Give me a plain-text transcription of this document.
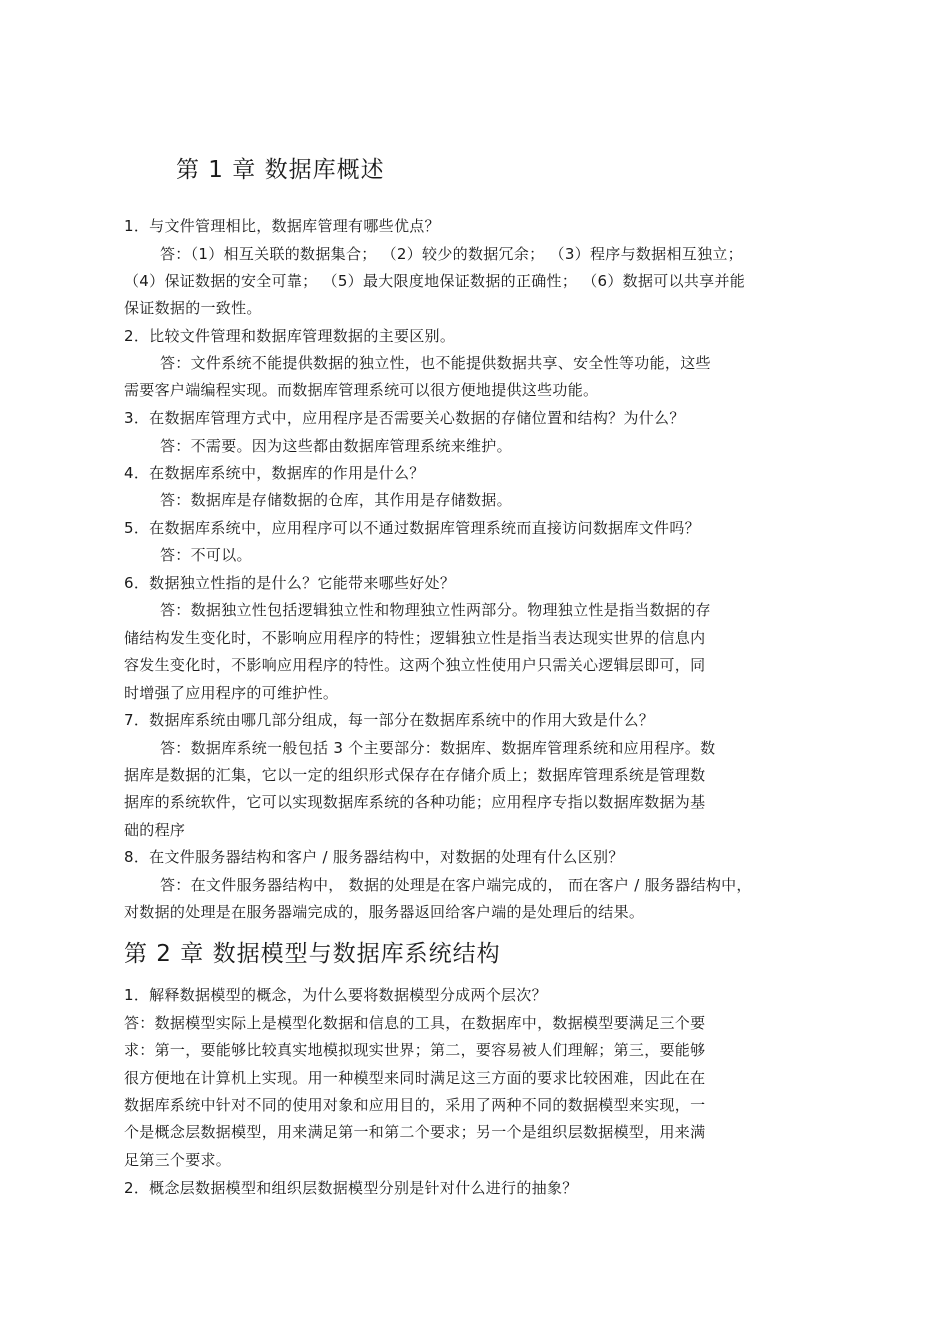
第 1 章 数据库概述
1．与文件管理相比，数据库管理有哪些优点？
答：（1）相互关联的数据集合； （2）较少的数据冗余； （3）程序与数据相互独立；
（4）保证数据的安全可靠； （5）最大限度地保证数据的正确性； （6）数据可以共享并能
保证数据的一致性。
2．比较文件管理和数据库管理数据的主要区别。
答：文件系统不能提供数据的独立性，也不能提供数据共享、安全性等功能，这些
需要客户端编程实现。而数据库管理系统可以很方便地提供这些功能。
3．在数据库管理方式中，应用程序是否需要关心数据的存储位置和结构？为什么？
答：不需要。因为这些都由数据库管理系统来维护。
4．在数据库系统中，数据库的作用是什么？
答：数据库是存储数据的仓库，其作用是存储数据。
5．在数据库系统中，应用程序可以不通过数据库管理系统而直接访问数据库文件吗？
答：不可以。
6．数据独立性指的是什么？它能带来哪些好处？
答：数据独立性包括逻辑独立性和物理独立性两部分。物理独立性是指当数据的存
储结构发生变化时，不影响应用程序的特性；逻辑独立性是指当表达现实世界的信息内
容发生变化时，不影响应用程序的特性。这两个独立性使用户只需关心逻辑层即可，同
时增强了应用程序的可维护性。
7．数据库系统由哪几部分组成，每一部分在数据库系统中的作用大致是什么？
答：数据库系统一般包括 3 个主要部分：数据库、数据库管理系统和应用程序。数
据库是数据的汇集，它以一定的组织形式保存在存储介质上；数据库管理系统是管理数
据库的系统软件，它可以实现数据库系统的各种功能；应用程序专指以数据库数据为基
础的程序
8．在文件服务器结构和客户 / 服务器结构中，对数据的处理有什么区别？
答：在文件服务器结构中， 数据的处理是在客户端完成的， 而在客户 / 服务器结构中，
对数据的处理是在服务器端完成的，服务器返回给客户端的是处理后的结果。
第 2 章 数据模型与数据库系统结构
1．解释数据模型的概念，为什么要将数据模型分成两个层次？
答：数据模型实际上是模型化数据和信息的工具，在数据库中，数据模型要满足三个要
求：第一，要能够比较真实地模拟现实世界；第二，要容易被人们理解；第三，要能够
很方便地在计算机上实现。用一种模型来同时满足这三方面的要求比较困难，因此在在
数据库系统中针对不同的使用对象和应用目的，采用了两种不同的数据模型来实现，一
个是概念层数据模型，用来满足第一和第二个要求；另一个是组织层数据模型，用来满
足第三个要求。
2．概念层数据模型和组织层数据模型分别是针对什么进行的抽象？
